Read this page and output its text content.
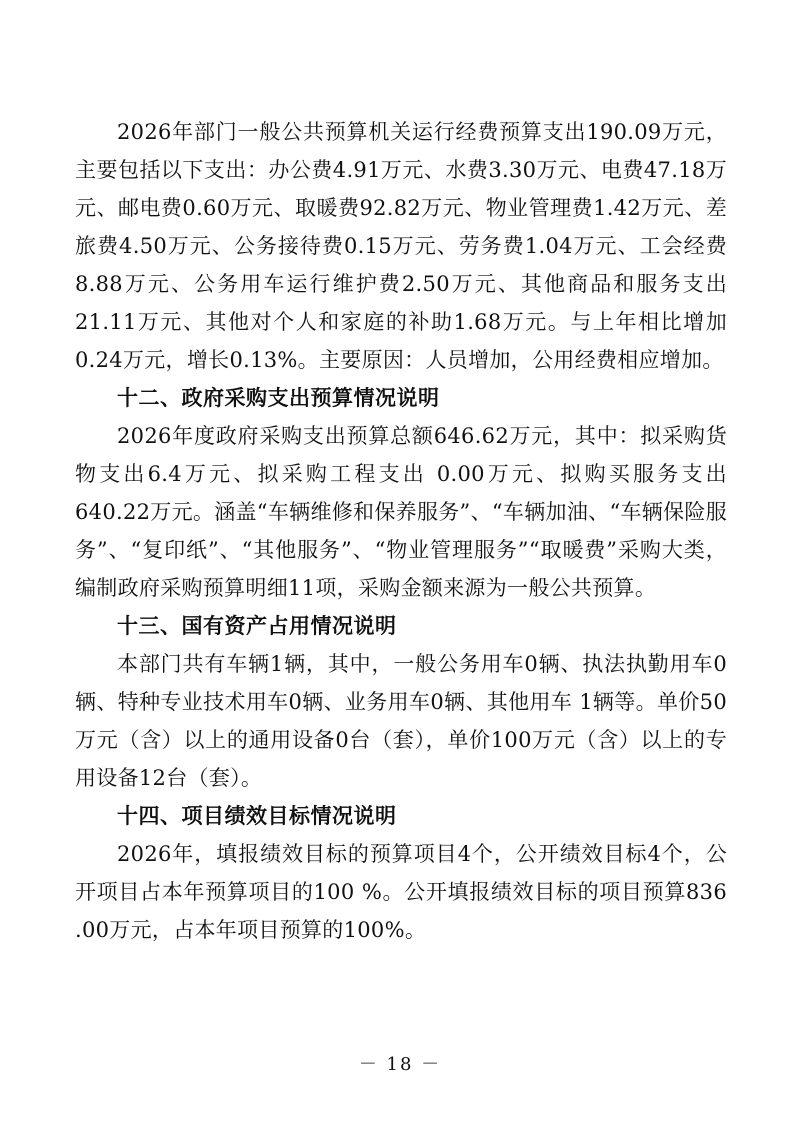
2026年部门一般公共预算机关运行经费预算支出190.09万元，主要包括以下支出：办公费4.91万元、水费3.30万元、电费47.18万元、邮电费0.60万元、取暖费92.82万元、物业管理费1.42万元、差旅费4.50万元、公务接待费0.15万元、劳务费1.04万元、工会经费8.88万元、公务用车运行维护费2.50万元、其他商品和服务支出21.11万元、其他对个人和家庭的补助1.68万元。与上年相比增加0.24万元，增长0.13%。主要原因：人员增加，公用经费相应增加。

十二、政府采购支出预算情况说明

2026年度政府采购支出预算总额646.62万元，其中：拟采购货物支出6.4万元、拟采购工程支出 0.00万元、拟购买服务支出640.22万元。涵盖“车辆维修和保养服务”、“车辆加油、“车辆保险服务”、“复印纸”、“其他服务”、“物业管理服务”“取暖费”采购大类，编制政府采购预算明细11项，采购金额来源为一般公共预算。

十三、国有资产占用情况说明

本部门共有车辆1辆，其中，一般公务用车0辆、执法执勤用车0辆、特种专业技术用车0辆、业务用车0辆、其他用车 1辆等。单价50万元（含）以上的通用设备0台（套），单价100万元（含）以上的专用设备12台（套）。

十四、项目绩效目标情况说明

2026年，填报绩效目标的预算项目4个，公开绩效目标4个，公开项目占本年预算项目的100 %。公开填报绩效目标的项目预算836 .00万元，占本年项目预算的100%。

－ 18 －
